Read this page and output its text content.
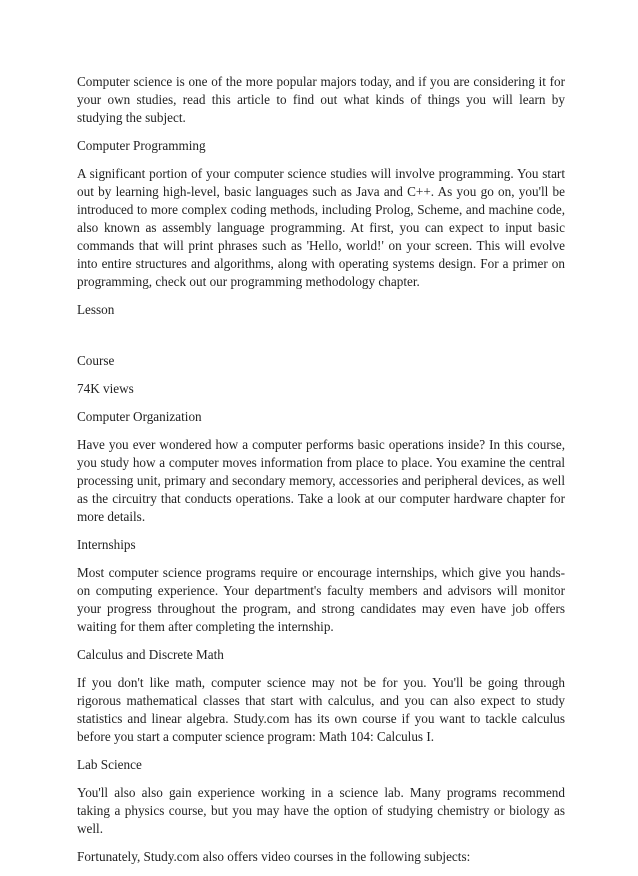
Computer science is one of the more popular majors today, and if you are considering it for your own studies, read this article to find out what kinds of things you will learn by studying the subject.

Computer Programming

A significant portion of your computer science studies will involve programming. You start out by learning high-level, basic languages such as Java and C++. As you go on, you'll be introduced to more complex coding methods, including Prolog, Scheme, and machine code, also known as assembly language programming. At first, you can expect to input basic commands that will print phrases such as 'Hello, world!' on your screen. This will evolve into entire structures and algorithms, along with operating systems design. For a primer on programming, check out our programming methodology chapter.

Lesson

Course

74K views

Computer Organization

Have you ever wondered how a computer performs basic operations inside? In this course, you study how a computer moves information from place to place. You examine the central processing unit, primary and secondary memory, accessories and peripheral devices, as well as the circuitry that conducts operations. Take a look at our computer hardware chapter for more details.

Internships

Most computer science programs require or encourage internships, which give you hands-on computing experience. Your department's faculty members and advisors will monitor your progress throughout the program, and strong candidates may even have job offers waiting for them after completing the internship.

Calculus and Discrete Math

If you don't like math, computer science may not be for you. You'll be going through rigorous mathematical classes that start with calculus, and you can also expect to study statistics and linear algebra. Study.com has its own course if you want to tackle calculus before you start a computer science program: Math 104: Calculus I.

Lab Science

You'll also also gain experience working in a science lab. Many programs recommend taking a physics course, but you may have the option of studying chemistry or biology as well.

Fortunately, Study.com also offers video courses in the following subjects:
